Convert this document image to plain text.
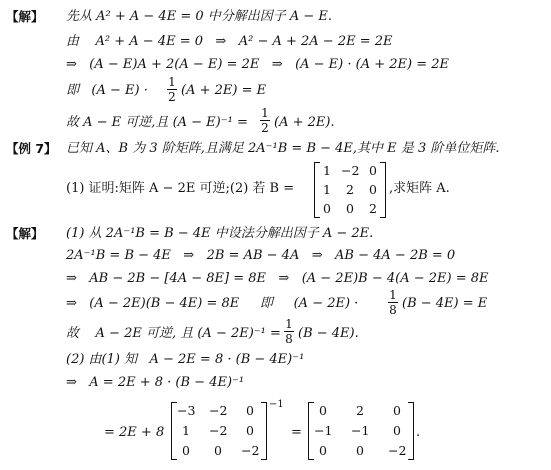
【解】 先从 A² + A − 4E = 0 中分解出因子 A − E.
由    A² + A − 4E = 0   ⇒   A² − A + 2A − 2E = 2E
⇒   (A − E)A + 2(A − E) = 2E   ⇒   (A − E) · (A + 2E) = 2E
即   (A − E) ·
1
2 (A + 2E) = E
故 A − E 可逆,且 (A − E)⁻¹ =
1
2 (A + 2E).
【例 7】 已知 A、B 为 3 阶矩阵,且满足 2A⁻¹B = B − 4E,其中 E 是 3 阶单位矩阵.
(1) 证明:矩阵 A − 2E 可逆;(2) 若 B =
1 −2 0
1	2	0
0	0	2
,求矩阵 A.
【解】 (1) 从 2A⁻¹B = B − 4E 中设法分解出因子 A − 2E.
2A⁻¹B = B − 4E   ⇒   2B = AB − 4A   ⇒   AB − 4A − 2B = 0
⇒   AB − 2B − [4A − 8E] = 8E   ⇒   (A − 2E)B − 4(A − 2E) = 8E
⇒   (A − 2E)(B − 4E) = 8E     即     (A − 2E) ·
1
8 (B − 4E) = E
故    A − 2E 可逆, 且 (A − 2E)⁻¹ =
1
8 (B − 4E).
(2) 由(1) 知   A − 2E = 8 · (B − 4E)⁻¹
⇒   A = 2E + 8 · (B − 4E)⁻¹
= 2E + 8
−3 −2	0
1	−2	0
0	0	−2
−1
=
0	2	0
−1 −1	0
0	0	−2
.
